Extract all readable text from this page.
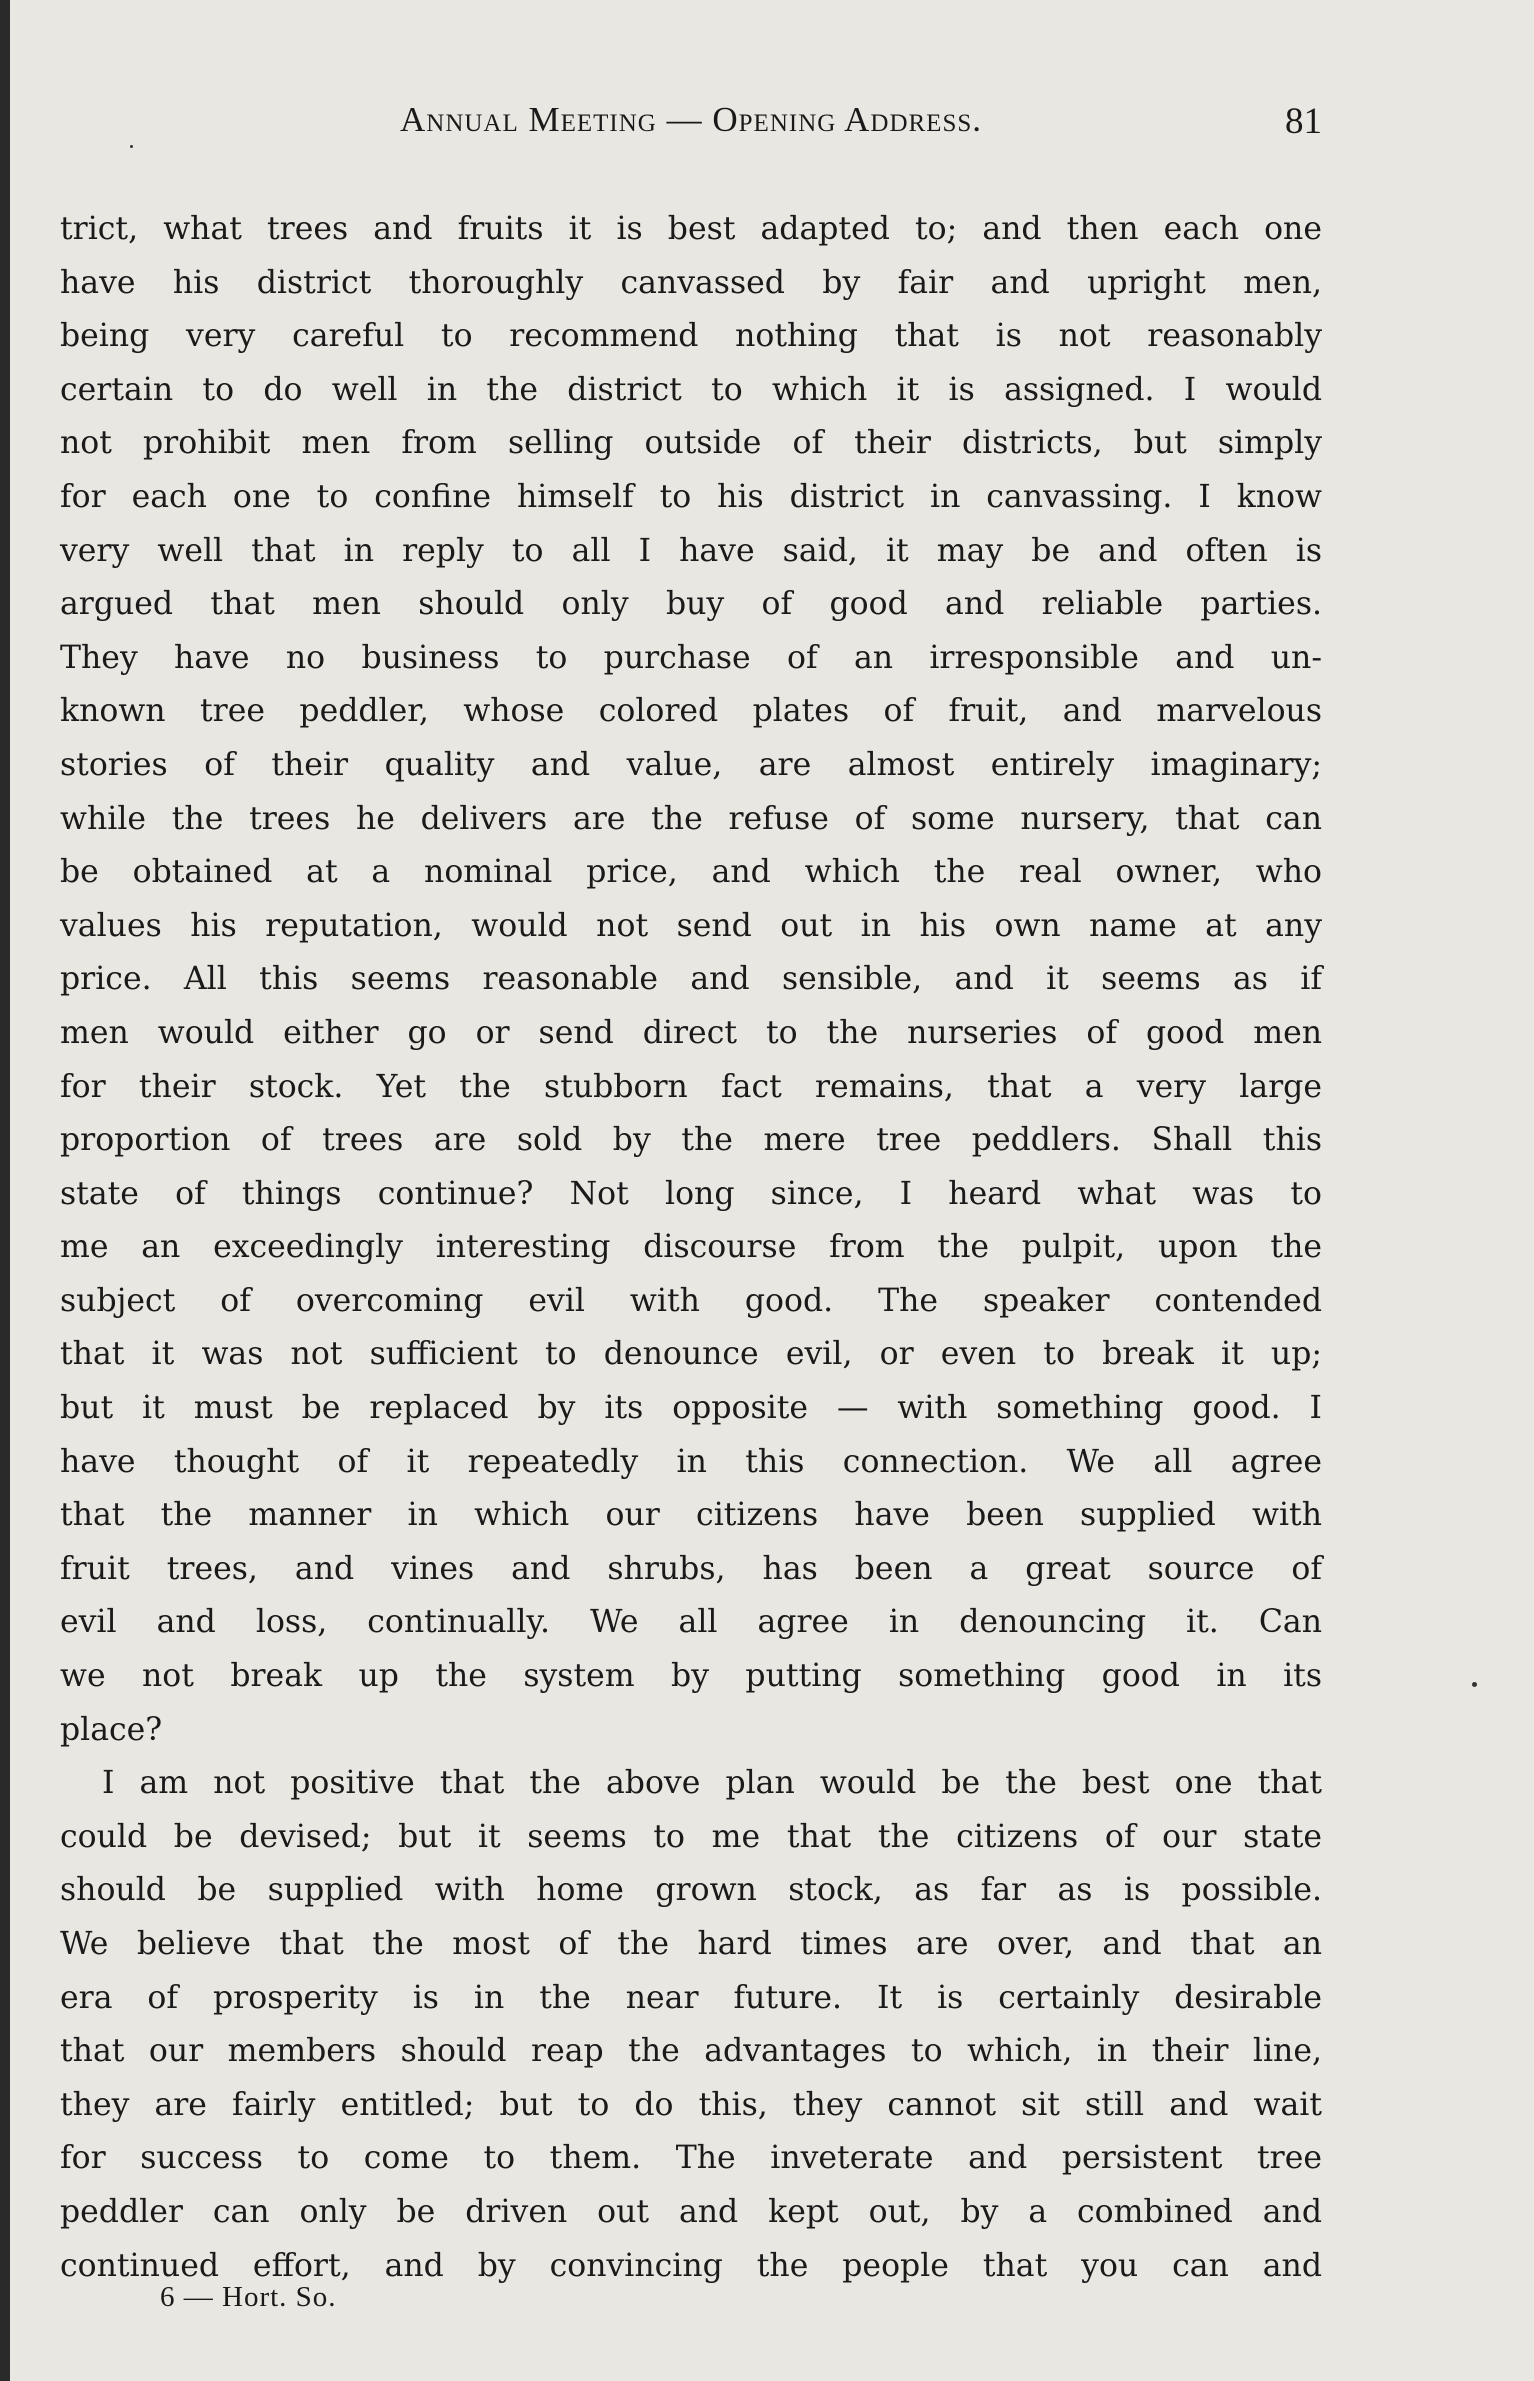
Annual Meeting — Opening Address.	81
trict, what trees and fruits it is best adapted to; and then each one
have his district thoroughly canvassed by fair and upright men,
being very careful to recommend nothing that is not reasonably
certain to do well in the district to which it is assigned. I would
not prohibit men from selling outside of their districts, but simply
for each one to confine himself to his district in canvassing. I know
very well that in reply to all I have said, it may be and often is
argued that men should only buy of good and reliable parties.
They have no business to purchase of an irresponsible and un-
known tree peddler, whose colored plates of fruit, and marvelous
stories of their quality and value, are almost entirely imaginary;
while the trees he delivers are the refuse of some nursery, that can
be obtained at a nominal price, and which the real owner, who
values his reputation, would not send out in his own name at any
price. All this seems reasonable and sensible, and it seems as if
men would either go or send direct to the nurseries of good men
for their stock. Yet the stubborn fact remains, that a very large
proportion of trees are sold by the mere tree peddlers. Shall this
state of things continue? Not long since, I heard what was to
me an exceedingly interesting discourse from the pulpit, upon the
subject of overcoming evil with good. The speaker contended
that it was not sufficient to denounce evil, or even to break it up;
but it must be replaced by its opposite — with something good. I
have thought of it repeatedly in this connection. We all agree
that the manner in which our citizens have been supplied with
fruit trees, and vines and shrubs, has been a great source of
evil and loss, continually. We all agree in denouncing it. Can
we not break up the system by putting something good in its
place?
I am not positive that the above plan would be the best one that
could be devised; but it seems to me that the citizens of our state
should be supplied with home grown stock, as far as is possible.
We believe that the most of the hard times are over, and that an
era of prosperity is in the near future. It is certainly desirable
that our members should reap the advantages to which, in their line,
they are fairly entitled; but to do this, they cannot sit still and wait
for success to come to them. The inveterate and persistent tree
peddler can only be driven out and kept out, by a combined and
continued effort, and by convincing the people that you can and
6 — Hort. So.
